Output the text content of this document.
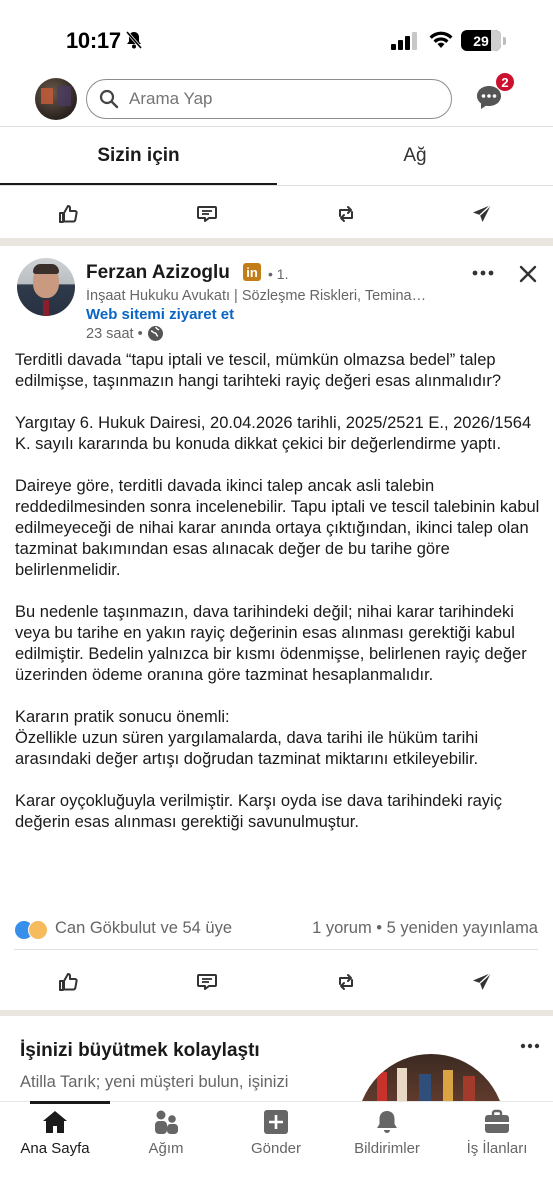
10:17	29
Arama Yap
2
Sizin için	Ağ
Ferzan Azizoglu in • 1.
İnşaat Hukuku Avukatı | Sözleşme Riskleri, Temina…
Web sitemi ziyaret et
23 saat •

Terditli davada “tapu iptali ve tescil, mümkün olmazsa bedel” talep edilmişse, taşınmazın hangi tarihteki rayiç değeri esas alınmalıdır?

Yargıtay 6. Hukuk Dairesi, 20.04.2026 tarihli, 2025/2521 E., 2026/1564 K. sayılı kararında bu konuda dikkat çekici bir değerlendirme yaptı.

Daireye göre, terditli davada ikinci talep ancak asli talebin reddedilmesinden sonra incelenebilir. Tapu iptali ve tescil talebinin kabul edilmeyeceği de nihai karar anında ortaya çıktığından, ikinci talep olan tazminat bakımından esas alınacak değer de bu tarihe göre belirlenmelidir.

Bu nedenle taşınmazın, dava tarihindeki değil; nihai karar tarihindeki veya bu tarihe en yakın rayiç değerinin esas alınması gerektiği kabul edilmiştir. Bedelin yalnızca bir kısmı ödenmişse, belirlenen rayiç değer üzerinden ödeme oranına göre tazminat hesaplanmalıdır.

Kararın pratik sonucu önemli:
Özellikle uzun süren yargılamalarda, dava tarihi ile hüküm tarihi arasındaki değer artışı doğrudan tazminat miktarını etkileyebilir.

Karar oyçokluğuyla verilmiştir. Karşı oyda ise dava tarihindeki rayiç değerin esas alınması gerektiği savunulmuştur.

Can Gökbulut ve 54 üye	1 yorum • 5 yeniden yayınlama
İşinizi büyütmek kolaylaştı
Atilla Tarık; yeni müşteri bulun, işinizi
Ana Sayfa	Ağım	Gönder	Bildirimler	İş İlanları
